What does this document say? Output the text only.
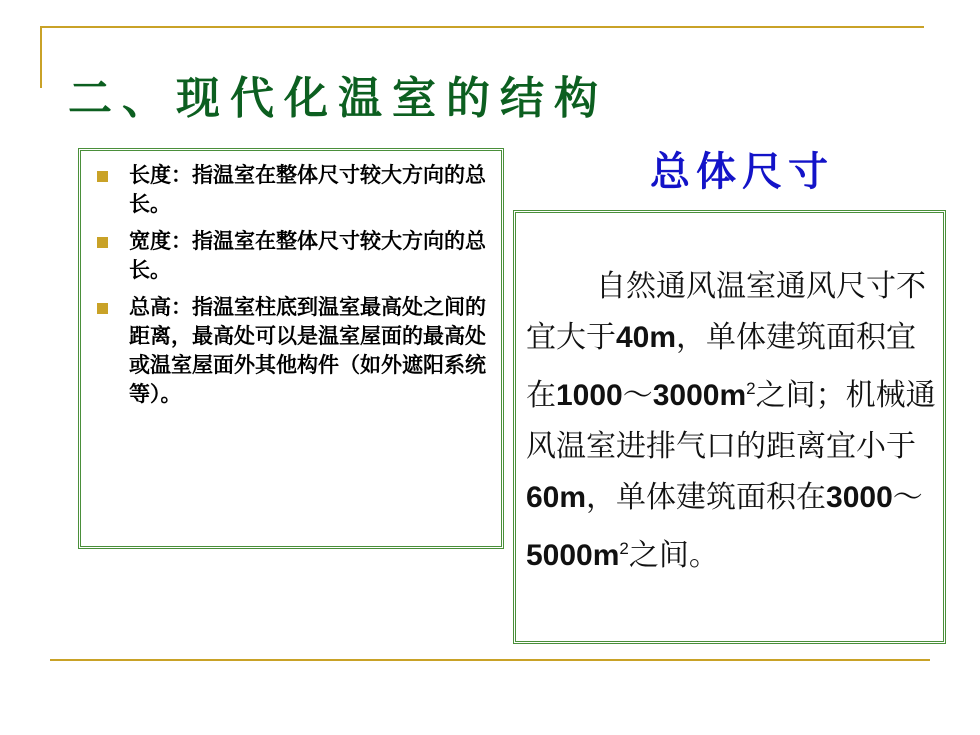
二、现代化温室的结构
总体尺寸
长度：指温室在整体尺寸较大方向的总长。
宽度：指温室在整体尺寸较大方向的总长。
总高：指温室柱底到温室最高处之间的距离，最高处可以是温室屋面的最高处或温室屋面外其他构件（如外遮阳系统等）。
自然通风温室通风尺寸不宜大于40m，单体建筑面积宜在$1000\sim 3000m^2$之间；机械通风温室进排气口的距离宜小于60m，单体建筑面积在$3000\sim 5000m^2$之间。
